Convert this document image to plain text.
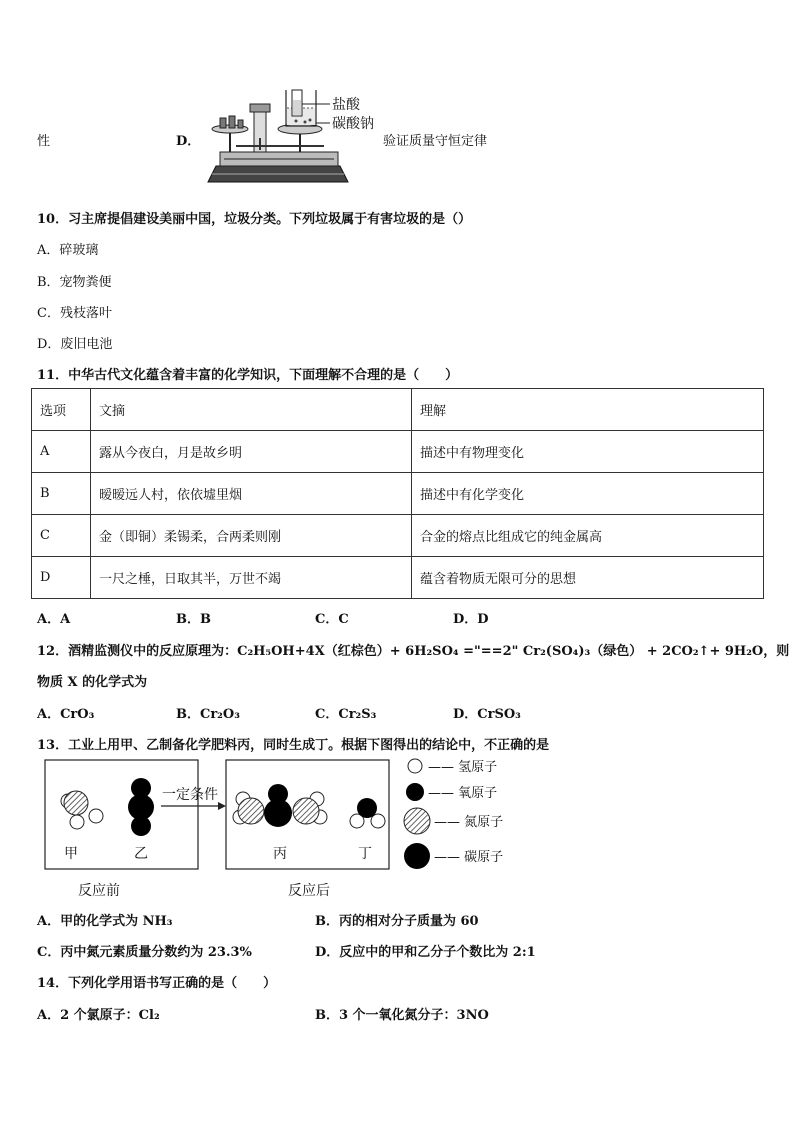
性	D．
盐酸
碳酸钠
验证质量守恒定律
10．习主席提倡建设美丽中国，垃圾分类。下列垃圾属于有害垃圾的是（）
A．碎玻璃
B．宠物粪便
C．残枝落叶
D．废旧电池
11．中华古代文化蕴含着丰富的化学知识，下面理解不合理的是（　　）
选项	文摘	理解
A	露从今夜白，月是故乡明	描述中有物理变化
B	暧暧远人村，依依墟里烟	描述中有化学变化
C	金（即铜）柔锡柔，合两柔则刚	合金的熔点比组成它的纯金属高
D	一尺之棰，日取其半，万世不竭	蕴含着物质无限可分的思想
A．A	B．B	C．C	D．D
12．酒精监测仪中的反应原理为：C₂H₅OH+4X（红棕色）+ 6H₂SO₄ ="==2" Cr₂(SO₄)₃（绿色） + 2CO₂↑+ 9H₂O，则
物质 X 的化学式为
A．CrO₃	B．Cr₂O₃	C．Cr₂S₃	D．CrSO₃
13．工业上用甲、乙制备化学肥料丙，同时生成丁。根据下图得出的结论中，不正确的是
甲	乙
一定条件
丙	丁
—— 氢原子
—— 氧原子
—— 氮原子
—— 碳原子
反应前	反应后
A．甲的化学式为 NH₃	B．丙的相对分子质量为 60
C．丙中氮元素质量分数约为 23.3%	D．反应中的甲和乙分子个数比为 2:1
14．下列化学用语书写正确的是（　　）
A．2 个氯原子：Cl₂	B．3 个一氧化氮分子：3NO
